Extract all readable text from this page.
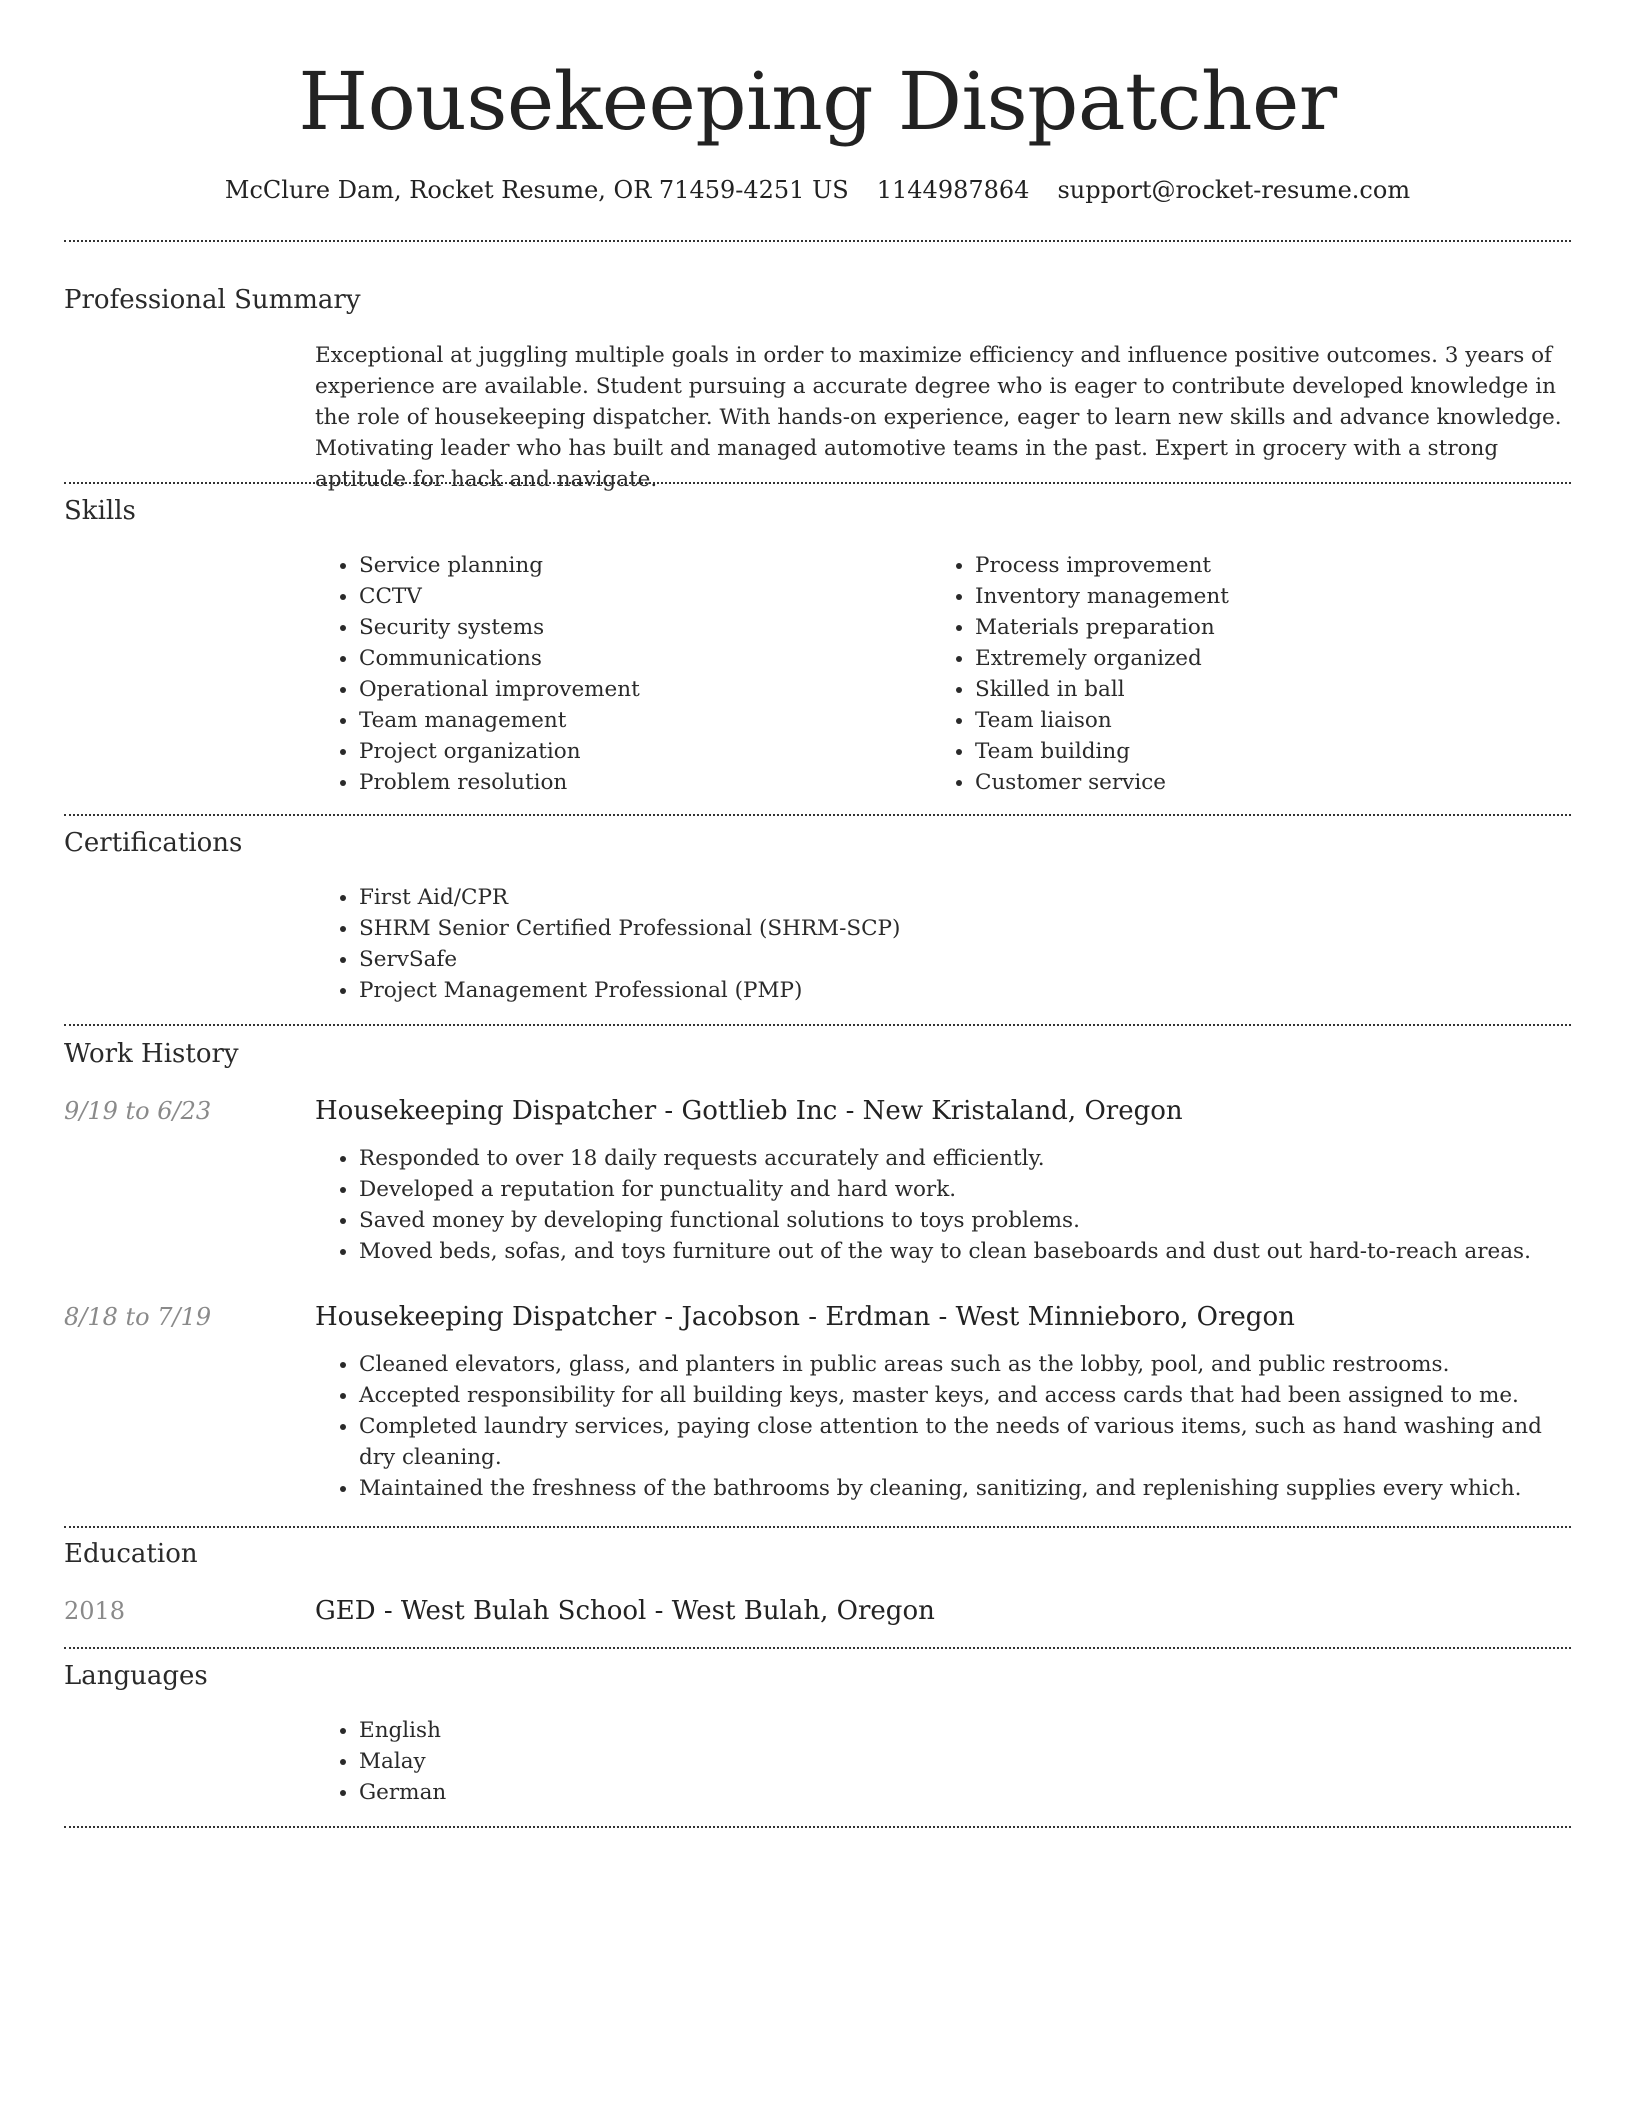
Housekeeping Dispatcher
McClure Dam, Rocket Resume, OR 71459-4251 US 1144987864 support@rocket-resume.com
Professional Summary
Exceptional at juggling multiple goals in order to maximize efficiency and influence positive outcomes. 3 years of experience are available. Student pursuing a accurate degree who is eager to contribute developed knowledge in the role of housekeeping dispatcher. With hands-on experience, eager to learn new skills and advance knowledge. Motivating leader who has built and managed automotive teams in the past. Expert in grocery with a strong aptitude for hack and navigate.
Skills
• Service planning
• CCTV
• Security systems
• Communications
• Operational improvement
• Team management
• Project organization
• Problem resolution
• Process improvement
• Inventory management
• Materials preparation
• Extremely organized
• Skilled in ball
• Team liaison
• Team building
• Customer service
Certifications
• First Aid/CPR
• SHRM Senior Certified Professional (SHRM-SCP)
• ServSafe
• Project Management Professional (PMP)
Work History
9/19 to 6/23	Housekeeping Dispatcher - Gottlieb Inc - New Kristaland, Oregon
• Responded to over 18 daily requests accurately and efficiently.
• Developed a reputation for punctuality and hard work.
• Saved money by developing functional solutions to toys problems.
• Moved beds, sofas, and toys furniture out of the way to clean baseboards and dust out hard-to-reach areas.
8/18 to 7/19	Housekeeping Dispatcher - Jacobson - Erdman - West Minnieboro, Oregon
• Cleaned elevators, glass, and planters in public areas such as the lobby, pool, and public restrooms.
• Accepted responsibility for all building keys, master keys, and access cards that had been assigned to me.
• Completed laundry services, paying close attention to the needs of various items, such as hand washing and dry cleaning.
• Maintained the freshness of the bathrooms by cleaning, sanitizing, and replenishing supplies every which.
Education
2018	GED - West Bulah School - West Bulah, Oregon
Languages
• English
• Malay
• German
